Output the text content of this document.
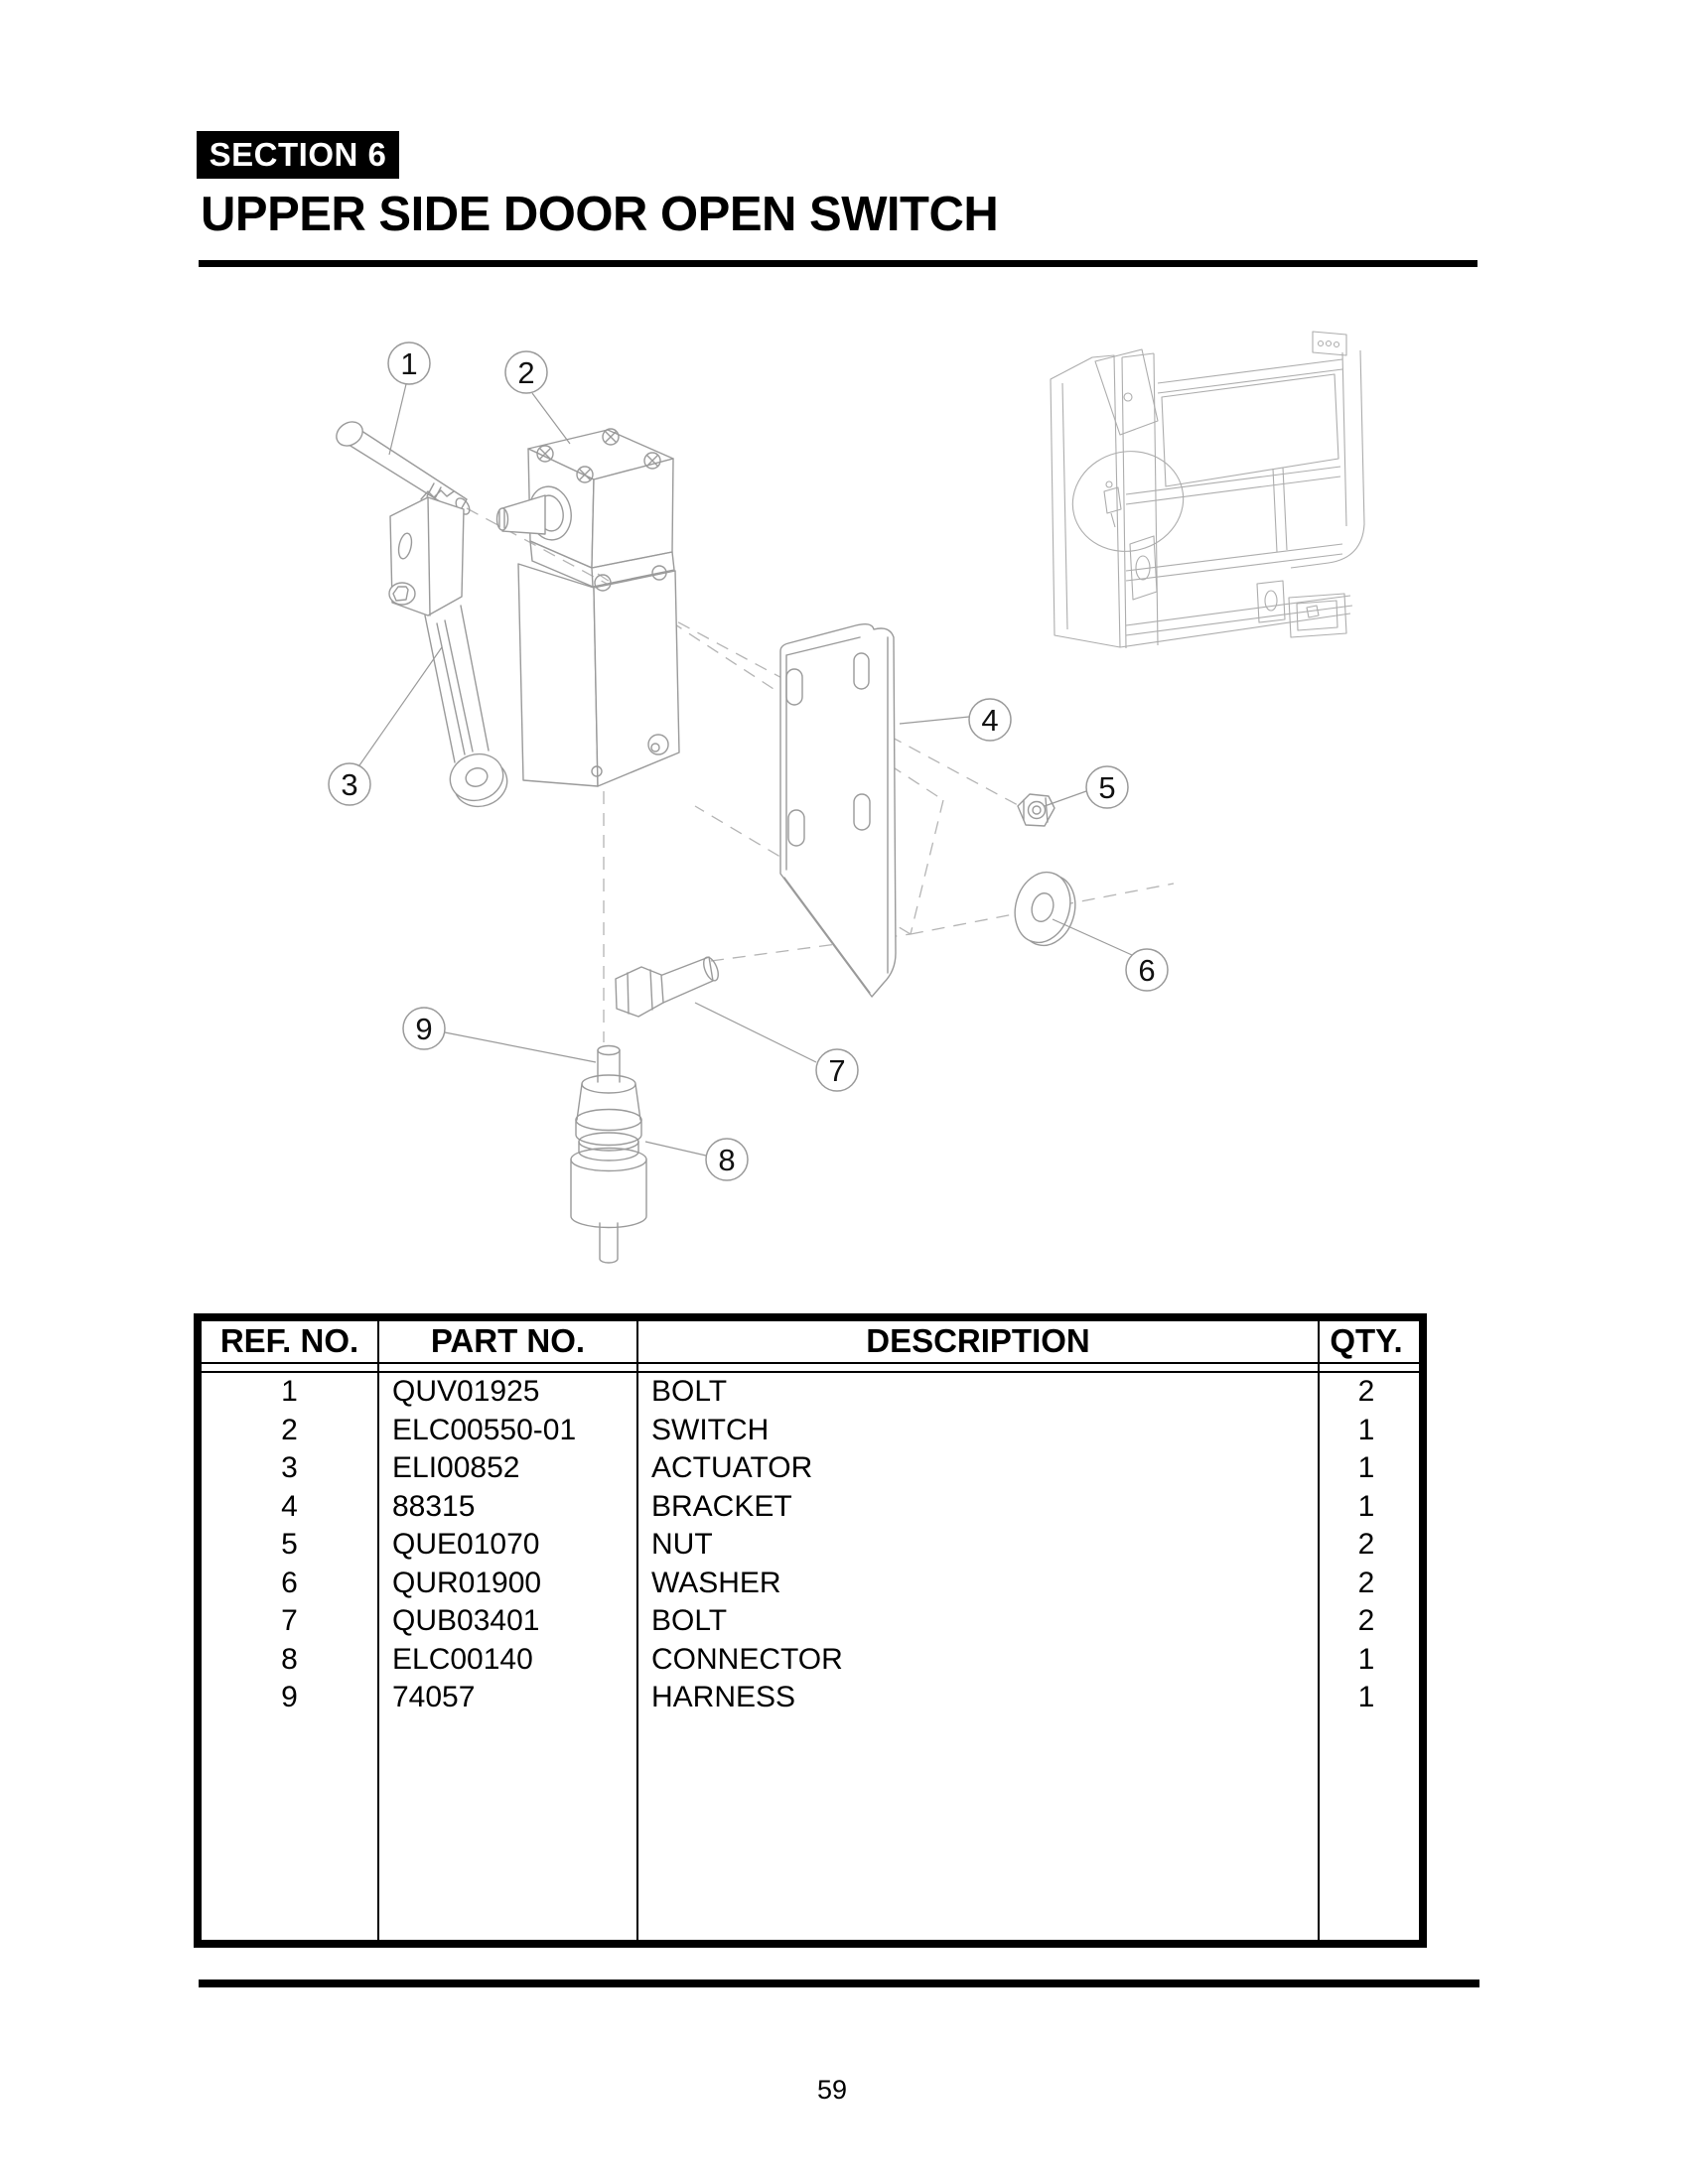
SECTION 6
UPPER SIDE DOOR OPEN SWITCH
1	2
3
4
5
6
7
8
9
REF. NO.	PART NO.	DESCRIPTION	QTY.
1	QUV01925	BOLT	2
2	ELC00550-01	SWITCH	1
3	ELI00852	ACTUATOR	1
4	88315	BRACKET	1
5	QUE01070	NUT	2
6	QUR01900	WASHER	2
7	QUB03401	BOLT	2
8	ELC00140	CONNECTOR	1
9	74057	HARNESS	1
59
